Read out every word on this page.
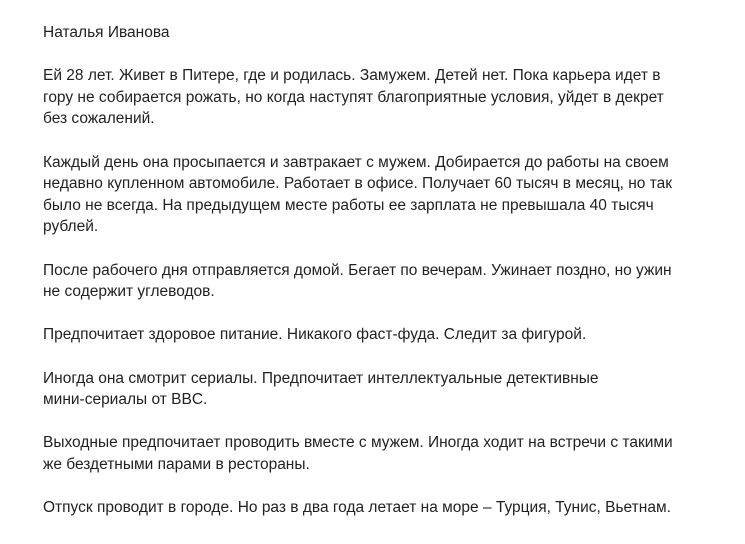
Наталья Иванова

Ей 28 лет. Живет в Питере, где и родилась. Замужем. Детей нет. Пока карьера идет в
гору не собирается рожать, но когда наступят благоприятные условия, уйдет в декрет
без сожалений.

Каждый день она просыпается и завтракает с мужем. Добирается до работы на своем
недавно купленном автомобиле. Работает в офисе. Получает 60 тысяч в месяц, но так
было не всегда. На предыдущем месте работы ее зарплата не превышала 40 тысяч
рублей.

После рабочего дня отправляется домой. Бегает по вечерам. Ужинает поздно, но ужин
не содержит углеводов.

Предпочитает здоровое питание. Никакого фаст-фуда. Следит за фигурой.

Иногда она смотрит сериалы. Предпочитает интеллектуальные детективные
мини-сериалы от BBC.

Выходные предпочитает проводить вместе с мужем. Иногда ходит на встречи с такими
же бездетными парами в рестораны.

Отпуск проводит в городе. Но раз в два года летает на море – Турция, Тунис, Вьетнам.
